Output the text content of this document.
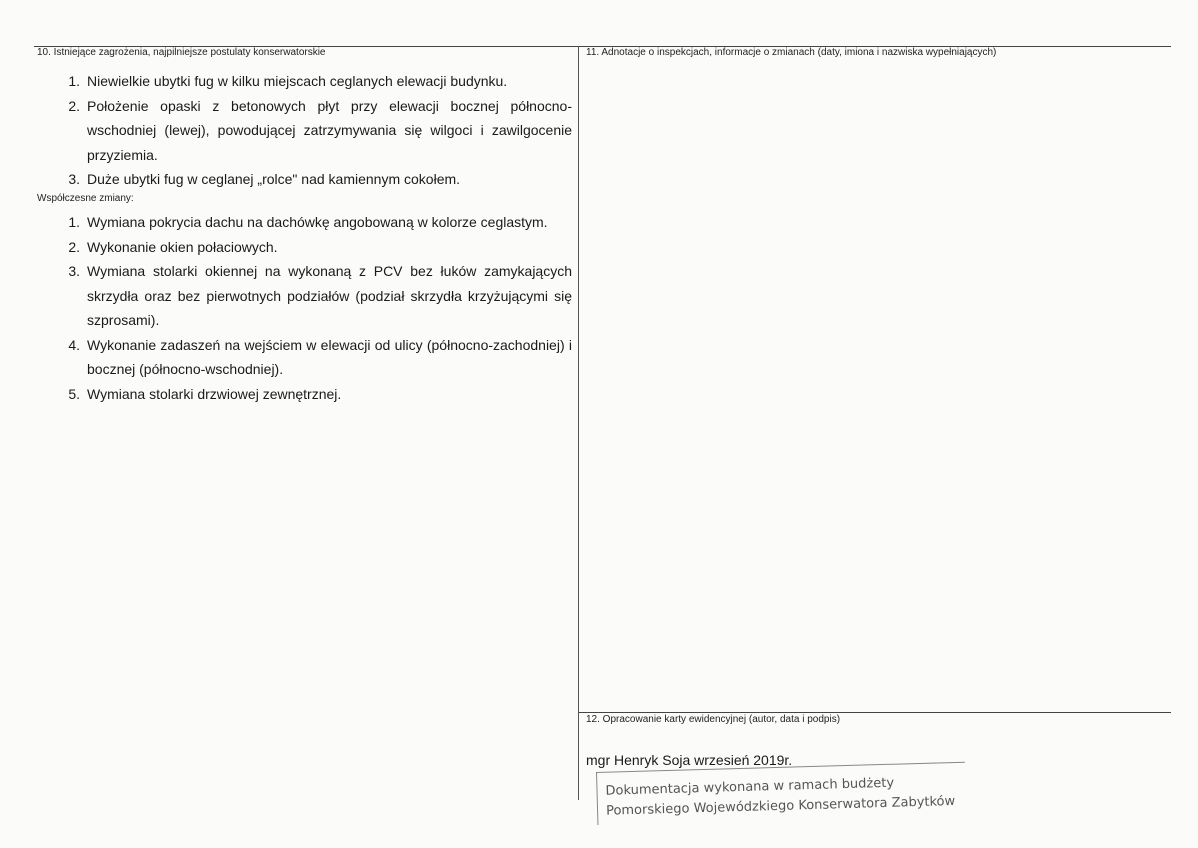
10. Istniejące zagrożenia, najpilniejsze postulaty konserwatorskie	11. Adnotacje o inspekcjach, informacje o zmianach (daty, imiona i nazwiska wypełniających)
12. Opracowanie karty ewidencyjnej (autor, data i podpis)
1. Niewielkie ubytki fug w kilku miejscach ceglanych elewacji budynku.
2. Położenie opaski z betonowych płyt przy elewacji bocznej północno-wschodniej (lewej), powodującej zatrzymywania się wilgoci i zawilgocenie przyziemia.
3. Duże ubytki fug w ceglanej „rolce" nad kamiennym cokołem.
Współczesne zmiany:
1. Wymiana pokrycia dachu na dachówkę angobowaną w kolorze ceglastym.
2. Wykonanie okien połaciowych.
3. Wymiana stolarki okiennej na wykonaną z PCV bez łuków zamykających skrzydła oraz bez pierwotnych podziałów (podział skrzydła krzyżującymi się szprosami).
4. Wykonanie zadaszeń na wejściem w elewacji od ulicy (północno-zachodniej) i bocznej (północno-wschodniej).
5. Wymiana stolarki drzwiowej zewnętrznej.
mgr Henryk Soja wrzesień 2019r.
Dokumentacja wykonana w ramach budżety
Pomorskiego Wojewódzkiego Konserwatora Zabytków
